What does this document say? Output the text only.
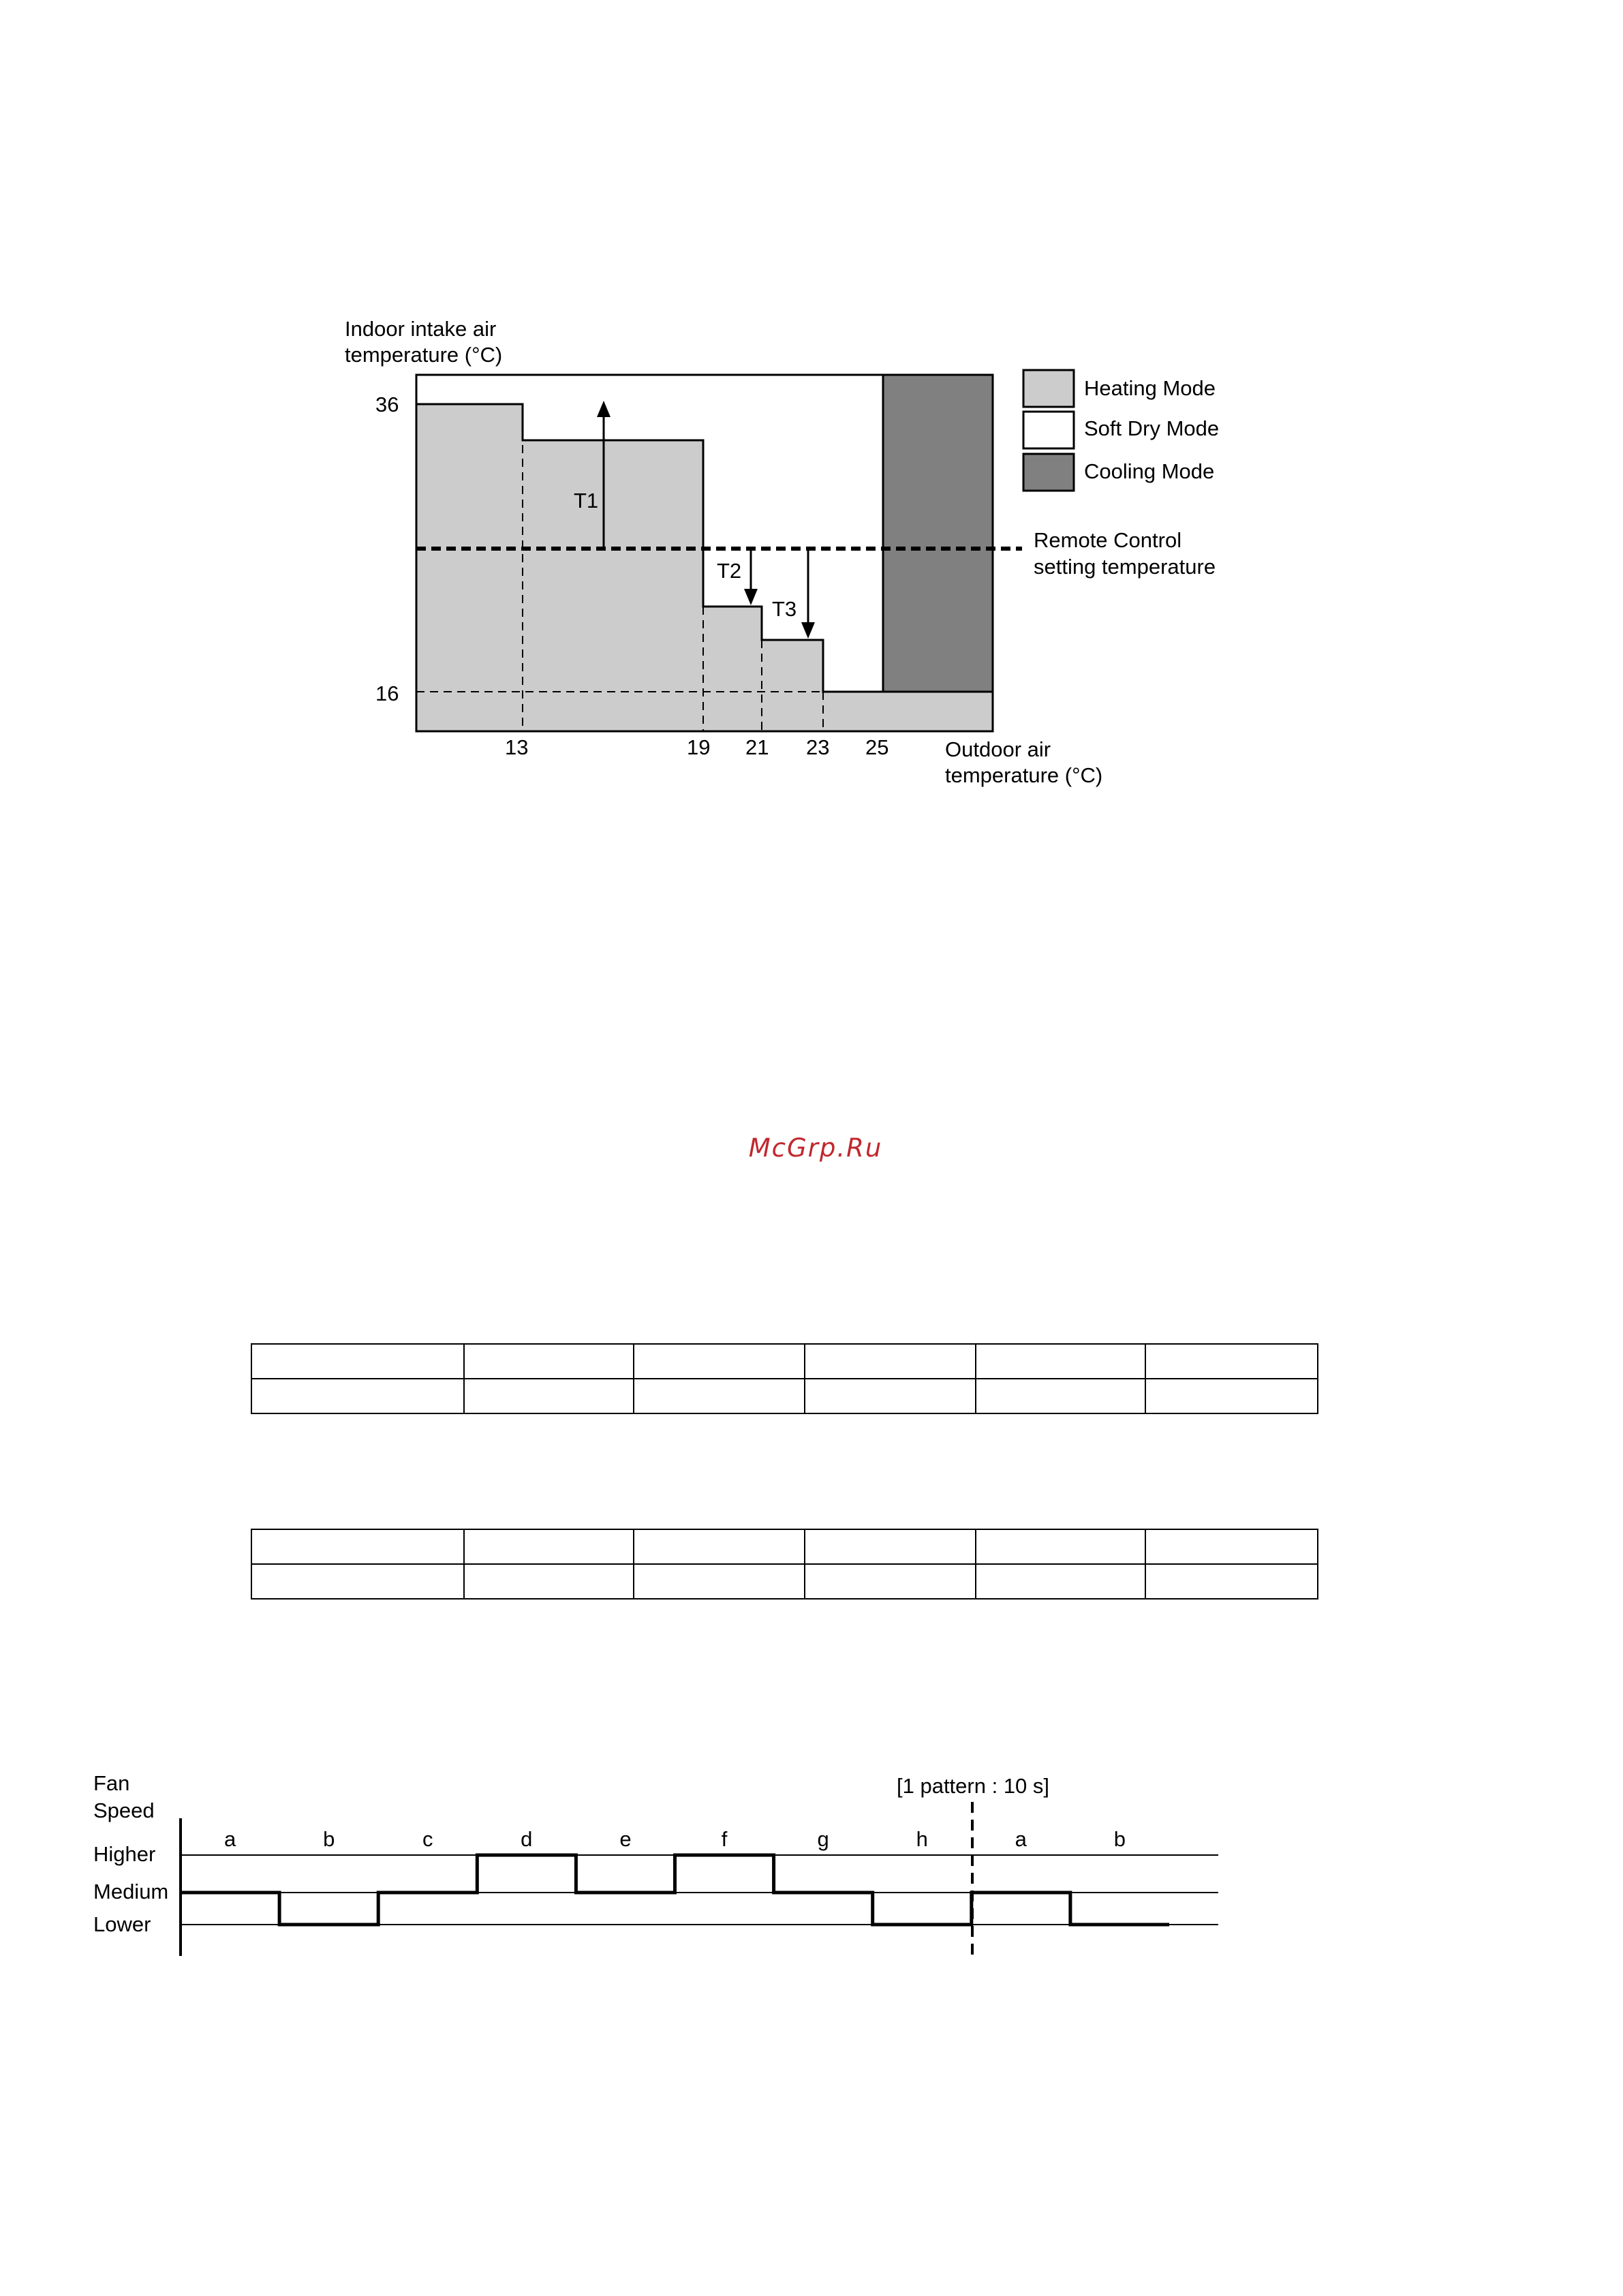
T1
T2
T3
Indoor intake air
temperature (°C)
36
16
13	19 21 23 25	Outdoor air
temperature (°C)
Heating Mode
Soft Dry Mode
Cooling Mode
Remote Control
setting temperature
McGrp.Ru
Fan
Speed
[1 pattern : 10 s]
Higher
Medium
Lower
a	b	c	d	e	f	g	h	a	b
